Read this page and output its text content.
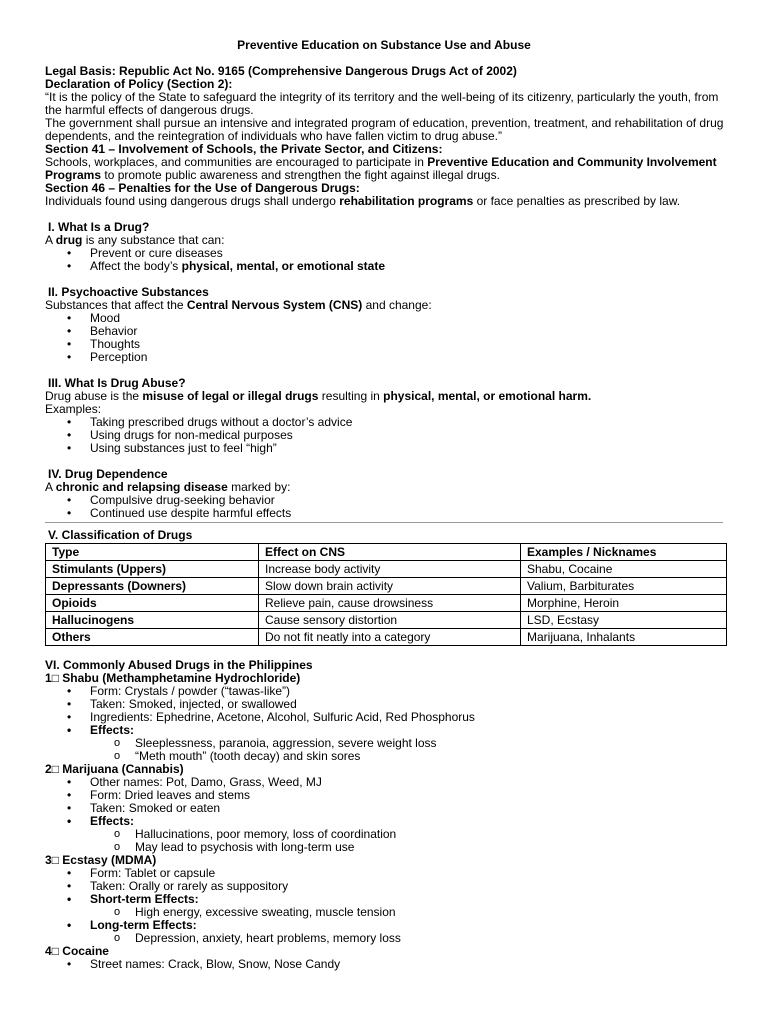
Preventive Education on Substance Use and Abuse

Legal Basis: Republic Act No. 9165 (Comprehensive Dangerous Drugs Act of 2002)

Declaration of Policy (Section 2):

“It is the policy of the State to safeguard the integrity of its territory and the well-being of its citizenry, particularly the youth, from the harmful effects of dangerous drugs.

The government shall pursue an intensive and integrated program of education, prevention, treatment, and rehabilitation of drug dependents, and the reintegration of individuals who have fallen victim to drug abuse.”

Section 41 – Involvement of Schools, the Private Sector, and Citizens:

Schools, workplaces, and communities are encouraged to participate in Preventive Education and Community Involvement Programs to promote public awareness and strengthen the fight against illegal drugs.

Section 46 – Penalties for the Use of Dangerous Drugs:

Individuals found using dangerous drugs shall undergo rehabilitation programs or face penalties as prescribed by law.

I. What Is a Drug?

A drug is any substance that can:

• Prevent or cure diseases
• Affect the body’s physical, mental, or emotional state

II. Psychoactive Substances

Substances that affect the Central Nervous System (CNS) and change:

• Mood
• Behavior
• Thoughts
• Perception

III. What Is Drug Abuse?

Drug abuse is the misuse of legal or illegal drugs resulting in physical, mental, or emotional harm.

Examples:

• Taking prescribed drugs without a doctor’s advice
• Using drugs for non-medical purposes
• Using substances just to feel “high”

IV. Drug Dependence

A chronic and relapsing disease marked by:

• Compulsive drug-seeking behavior
• Continued use despite harmful effects

V. Classification of Drugs

Type	Effect on CNS	Examples / Nicknames
Stimulants (Uppers)	Increase body activity	Shabu, Cocaine
Depressants (Downers)	Slow down brain activity	Valium, Barbiturates
Opioids	Relieve pain, cause drowsiness	Morphine, Heroin
Hallucinogens	Cause sensory distortion	LSD, Ecstasy
Others	Do not fit neatly into a category	Marijuana, Inhalants

VI. Commonly Abused Drugs in the Philippines

1□ Shabu (Methamphetamine Hydrochloride)

• Form: Crystals / powder (“tawas-like”)
• Taken: Smoked, injected, or swallowed
• Ingredients: Ephedrine, Acetone, Alcohol, Sulfuric Acid, Red Phosphorus
• Effects:
o Sleeplessness, paranoia, aggression, severe weight loss
o “Meth mouth” (tooth decay) and skin sores

2□ Marijuana (Cannabis)

• Other names: Pot, Damo, Grass, Weed, MJ
• Form: Dried leaves and stems
• Taken: Smoked or eaten
• Effects:
o Hallucinations, poor memory, loss of coordination
o May lead to psychosis with long-term use

3□ Ecstasy (MDMA)

• Form: Tablet or capsule
• Taken: Orally or rarely as suppository
• Short-term Effects:
o High energy, excessive sweating, muscle tension
• Long-term Effects:
o Depression, anxiety, heart problems, memory loss

4□ Cocaine

• Street names: Crack, Blow, Snow, Nose Candy
